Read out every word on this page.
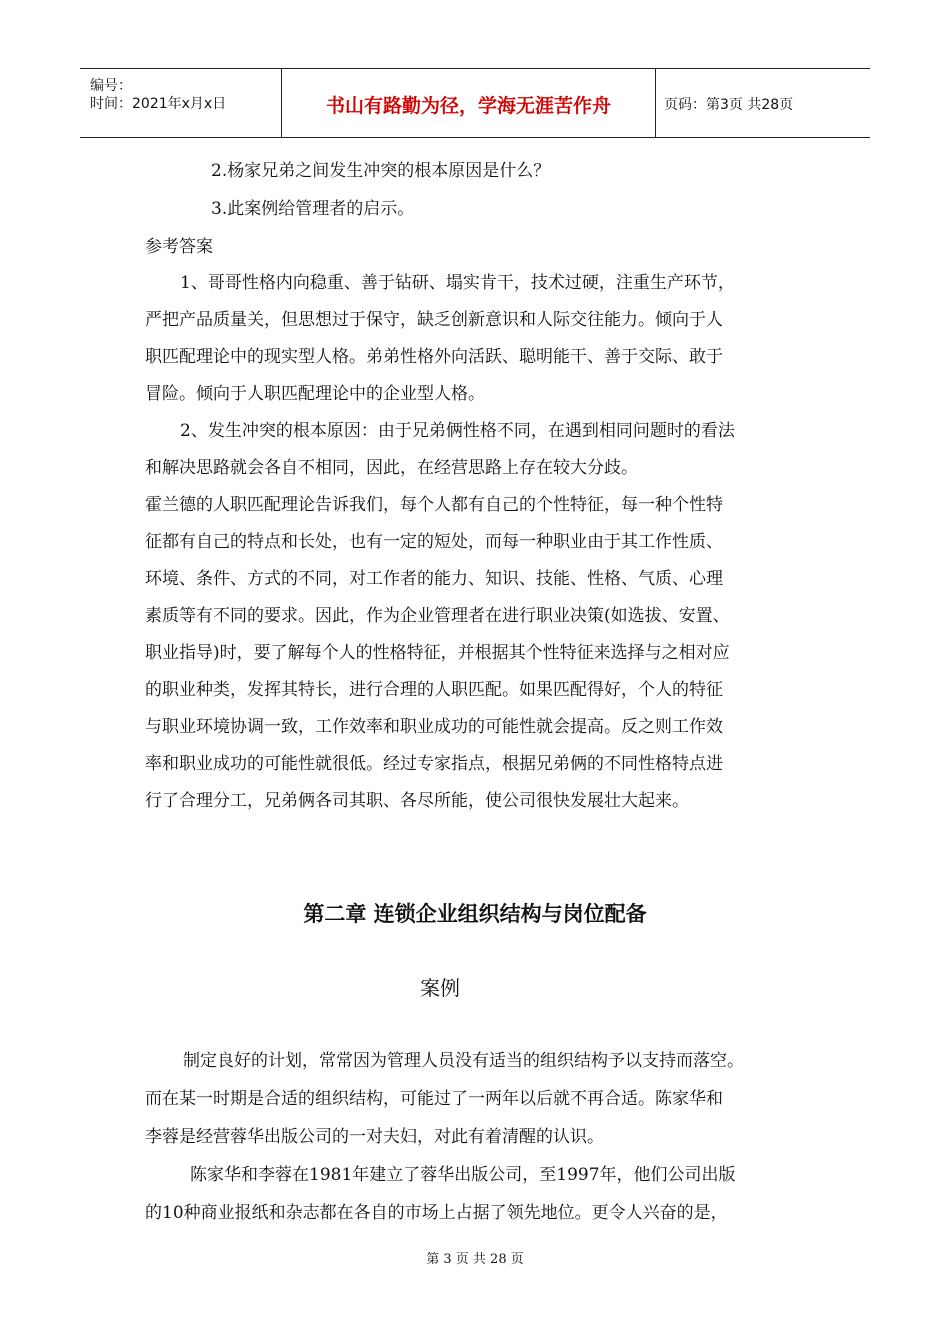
编号：
时间：2021年x月x日	书山有路勤为径，学海无涯苦作舟	页码：第3页 共28页
2.杨家兄弟之间发生冲突的根本原因是什么？
3.此案例给管理者的启示。
参考答案
1、哥哥性格内向稳重、善于钻研、塌实肯干，技术过硬，注重生产环节，
严把产品质量关，但思想过于保守，缺乏创新意识和人际交往能力。倾向于人
职匹配理论中的现实型人格。弟弟性格外向活跃、聪明能干、善于交际、敢于
冒险。倾向于人职匹配理论中的企业型人格。
2、发生冲突的根本原因：由于兄弟俩性格不同，在遇到相同问题时的看法
和解决思路就会各自不相同，因此，在经营思路上存在较大分歧。
霍兰德的人职匹配理论告诉我们，每个人都有自己的个性特征，每一种个性特
征都有自己的特点和长处，也有一定的短处，而每一种职业由于其工作性质、
环境、条件、方式的不同，对工作者的能力、知识、技能、性格、气质、心理
素质等有不同的要求。因此，作为企业管理者在进行职业决策(如选拔、安置、
职业指导)时，要了解每个人的性格特征，并根据其个性特征来选择与之相对应
的职业种类，发挥其特长，进行合理的人职匹配。如果匹配得好，个人的特征
与职业环境协调一致，工作效率和职业成功的可能性就会提高。反之则工作效
率和职业成功的可能性就很低。经过专家指点，根据兄弟俩的不同性格特点进
行了合理分工，兄弟俩各司其职、各尽所能，使公司很快发展壮大起来。
第二章 连锁企业组织结构与岗位配备
案例
制定良好的计划，常常因为管理人员没有适当的组织结构予以支持而落空。
而在某一时期是合适的组织结构，可能过了一两年以后就不再合适。陈家华和
李蓉是经营蓉华出版公司的一对夫妇，对此有着清醒的认识。
陈家华和李蓉在1981年建立了蓉华出版公司，至1997年，他们公司出版
的10种商业报纸和杂志都在各自的市场上占据了领先地位。更令人兴奋的是，
第 3 页 共 28 页
